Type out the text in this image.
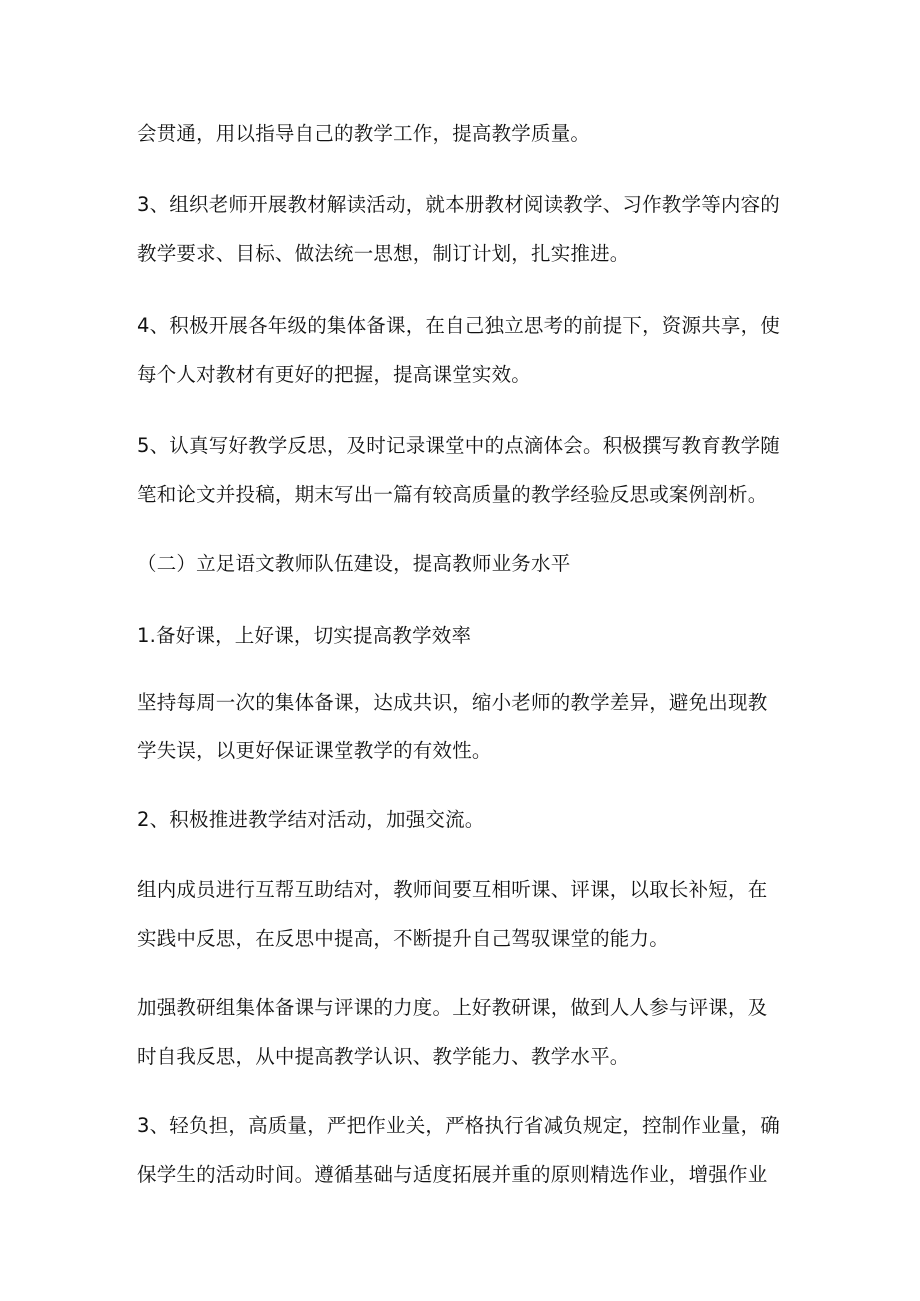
会贯通，用以指导自己的教学工作，提高教学质量。
3、组织老师开展教材解读活动，就本册教材阅读教学、习作教学等内容的
教学要求、目标、做法统一思想，制订计划，扎实推进。
4、积极开展各年级的集体备课，在自己独立思考的前提下，资源共享，使
每个人对教材有更好的把握，提高课堂实效。
5、认真写好教学反思，及时记录课堂中的点滴体会。积极撰写教育教学随
笔和论文并投稿，期末写出一篇有较高质量的教学经验反思或案例剖析。
（二）立足语文教师队伍建设，提高教师业务水平
1.备好课，上好课，切实提高教学效率
坚持每周一次的集体备课，达成共识，缩小老师的教学差异，避免出现教
学失误，以更好保证课堂教学的有效性。
2、积极推进教学结对活动，加强交流。
组内成员进行互帮互助结对，教师间要互相听课、评课，以取长补短，在
实践中反思，在反思中提高，不断提升自己驾驭课堂的能力。
加强教研组集体备课与评课的力度。上好教研课，做到人人参与评课，及
时自我反思，从中提高教学认识、教学能力、教学水平。
3、轻负担，高质量，严把作业关，严格执行省减负规定，控制作业量，确
保学生的活动时间。遵循基础与适度拓展并重的原则精选作业，增强作业
